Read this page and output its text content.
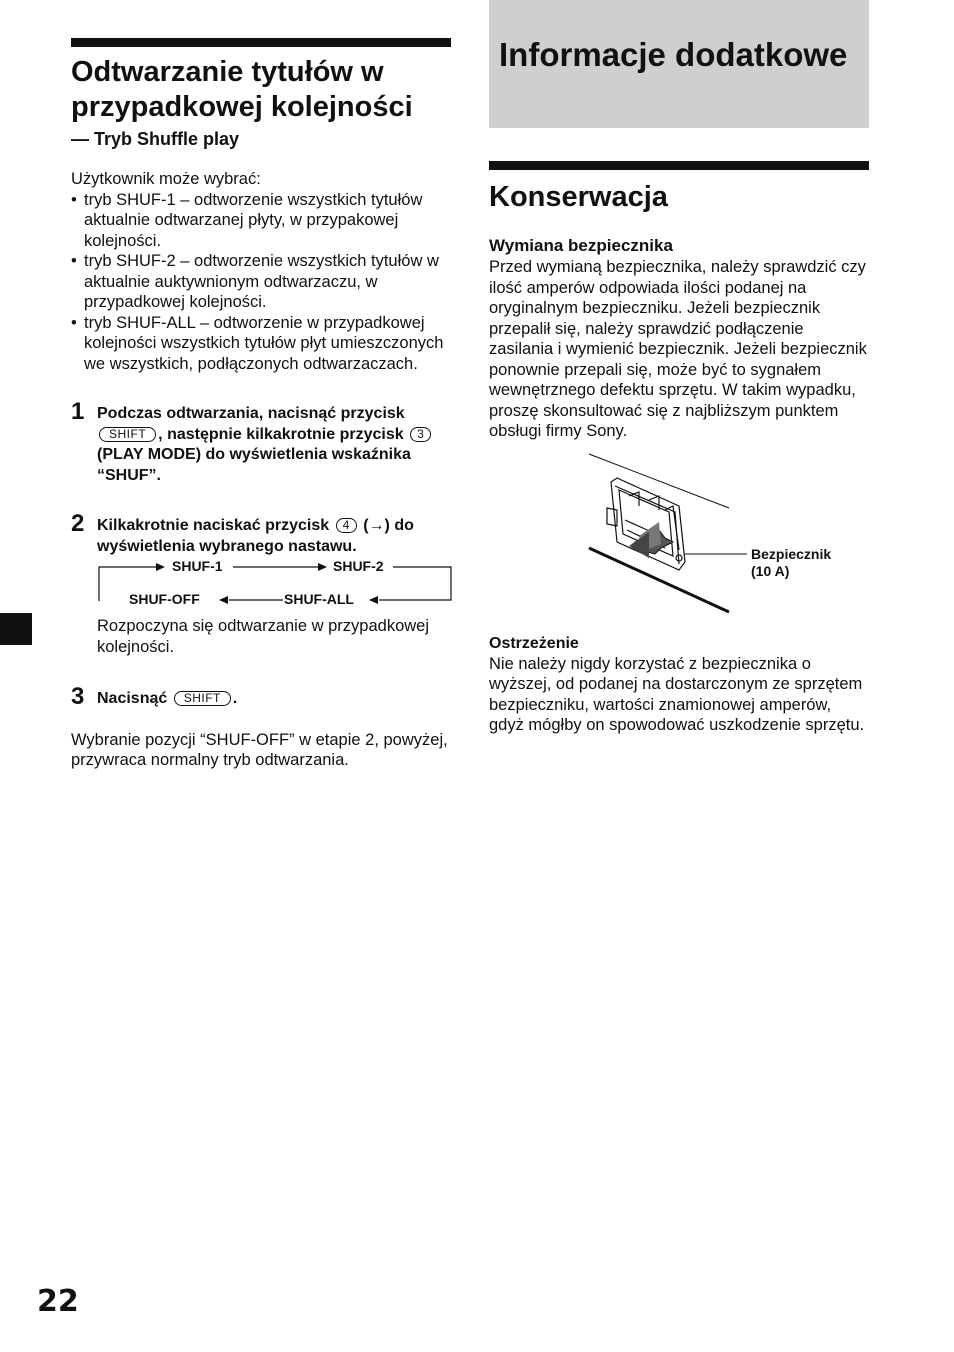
Odtwarzanie tytułów w przypadkowej kolejności
— Tryb Shuffle play

Użytkownik może wybrać:

• tryb SHUF-1 – odtworzenie wszystkich tytułów aktualnie odtwarzanej płyty, w przypakowej kolejności.
• tryb SHUF-2 – odtworzenie wszystkich tytułów w aktualnie auktywnionym odtwarzaczu, w przypadkowej kolejności.
• tryb SHUF-ALL – odtworzenie w przypadkowej kolejności wszystkich tytułów płyt umieszczonych we wszystkich, podłączonych odtwarzaczach.
1 Podczas odtwarzania, nacisnąć przycisk SHIFT , następnie kilkakrotnie przycisk 3 (PLAY MODE) do wyświetlenia wskaźnika “SHUF”.
2 Kilkakrotnie naciskać przycisk 4 (→) do wyświetlenia wybranego nastawu.
SHUF-1	SHUF-2
SHUF-ALL
SHUF-OFF

Rozpoczyna się odtwarzanie w przypadkowej kolejności.

3 Nacisnąć SHIFT .

Wybranie pozycji “SHUF-OFF” w etapie 2, powyżej, przywraca normalny tryb odtwarzania.

Informacje dodatkowe
Konserwacja
Wymiana bezpiecznika

Przed wymianą bezpiecznika, należy sprawdzić czy ilość amperów odpowiada ilości podanej na oryginalnym bezpieczniku. Jeżeli bezpiecznik przepalił się, należy sprawdzić podłączenie zasilania i wymienić bezpiecznik. Jeżeli bezpiecznik ponownie przepali się, może być to sygnałem wewnętrznego defektu sprzętu. W takim wypadku, proszę skonsultować się z najbliższym punktem obsługi firmy Sony.

Bezpiecznik
(10 A)
Ostrzeżenie

Nie należy nigdy korzystać z bezpiecznika o wyższej, od podanej na dostarczonym ze sprzętem bezpieczniku, wartości znamionowej amperów, gdyż mógłby on spowodować uszkodzenie sprzętu.

22
